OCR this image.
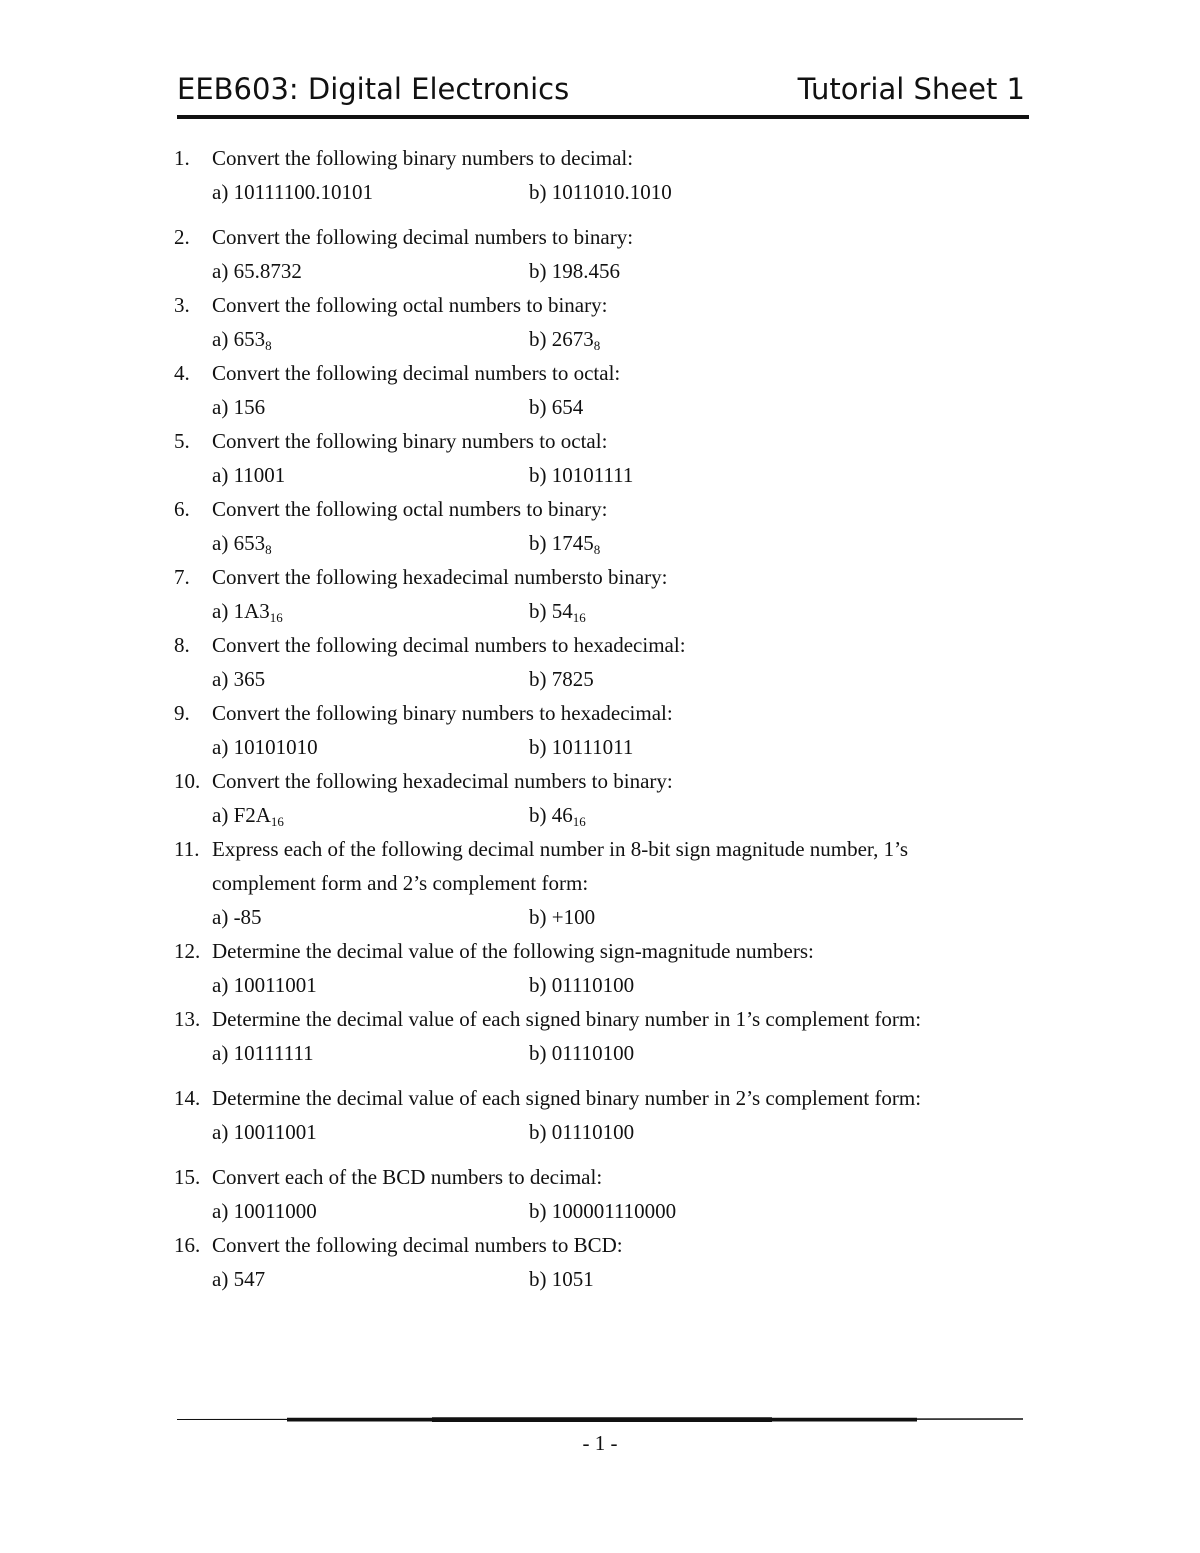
EEB603: Digital Electronics	Tutorial Sheet 1
1.	Convert the following binary numbers to decimal:
a) 10111100.10101	b) 1011010.1010
2.	Convert the following decimal numbers to binary:
a) 65.8732	b) 198.456
3.	Convert the following octal numbers to binary:
a) $653_8$	b) $2673_8$
4.	Convert the following decimal numbers to octal:
a) 156	b) 654
5.	Convert the following binary numbers to octal:
a) 11001	b) 10101111
6.	Convert the following octal numbers to binary:
a) $653_8$	b) $1745_8$
7.	Convert the following hexadecimal numbersto binary:
a) $1A3_{16}$	b) $54_{16}$
8.	Convert the following decimal numbers to hexadecimal:
a) 365	b) 7825
9.	Convert the following binary numbers to hexadecimal:
a) 10101010	b) 10111011
10. Convert the following hexadecimal numbers to binary:
a) $F2A_{16}$	b) $46_{16}$
11. Express each of the following decimal number in 8-bit sign magnitude number, 1’s
complement form and 2’s complement form:
a) -85	b) +100
12. Determine the decimal value of the following sign-magnitude numbers:
a) 10011001	b) 01110100
13. Determine the decimal value of each signed binary number in 1’s complement form:
a) 10111111	b) 01110100
14. Determine the decimal value of each signed binary number in 2’s complement form:
a) 10011001	b) 01110100
15. Convert each of the BCD numbers to decimal:
a) 10011000	b) 100001110000
16. Convert the following decimal numbers to BCD:
a) 547	b) 1051
- 1 -
